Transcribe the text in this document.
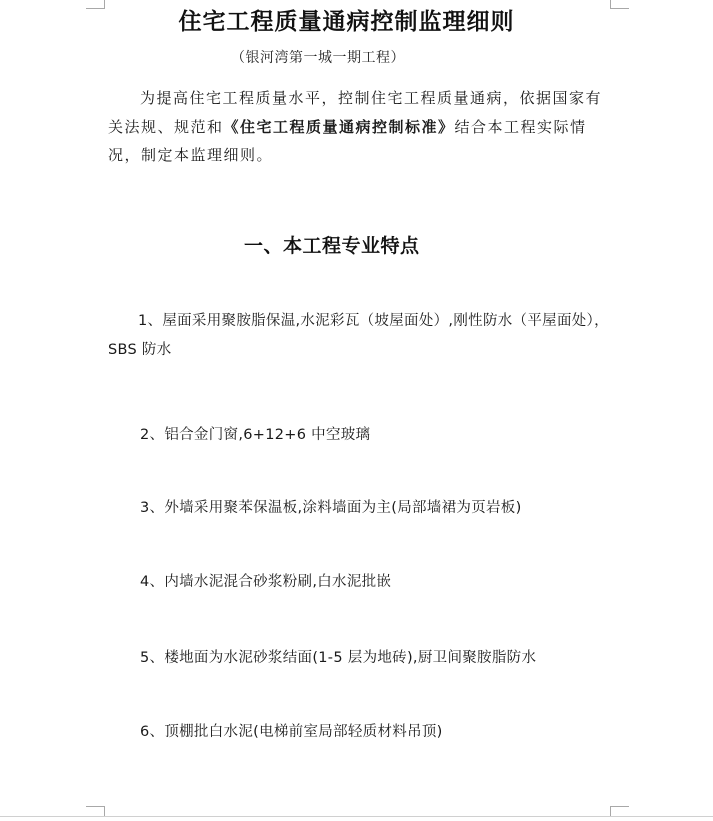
住宅工程质量通病控制监理细则
（银河湾第一城一期工程）

为提高住宅工程质量水平，控制住宅工程质量通病，依据国家有关法规、规范和《住宅工程质量通病控制标准》结合本工程实际情况，制定本监理细则。

一、本工程专业特点

1、屋面采用聚胺脂保温,水泥彩瓦（坡屋面处）,刚性防水（平屋面处），SBS 防水

2、铝合金门窗,6+12+6 中空玻璃
3、外墙采用聚苯保温板,涂料墙面为主(局部墙裙为页岩板)
4、内墙水泥混合砂浆粉刷,白水泥批嵌
5、楼地面为水泥砂浆结面(1-5 层为地砖),厨卫间聚胺脂防水
6、顶棚批白水泥(电梯前室局部轻质材料吊顶)
